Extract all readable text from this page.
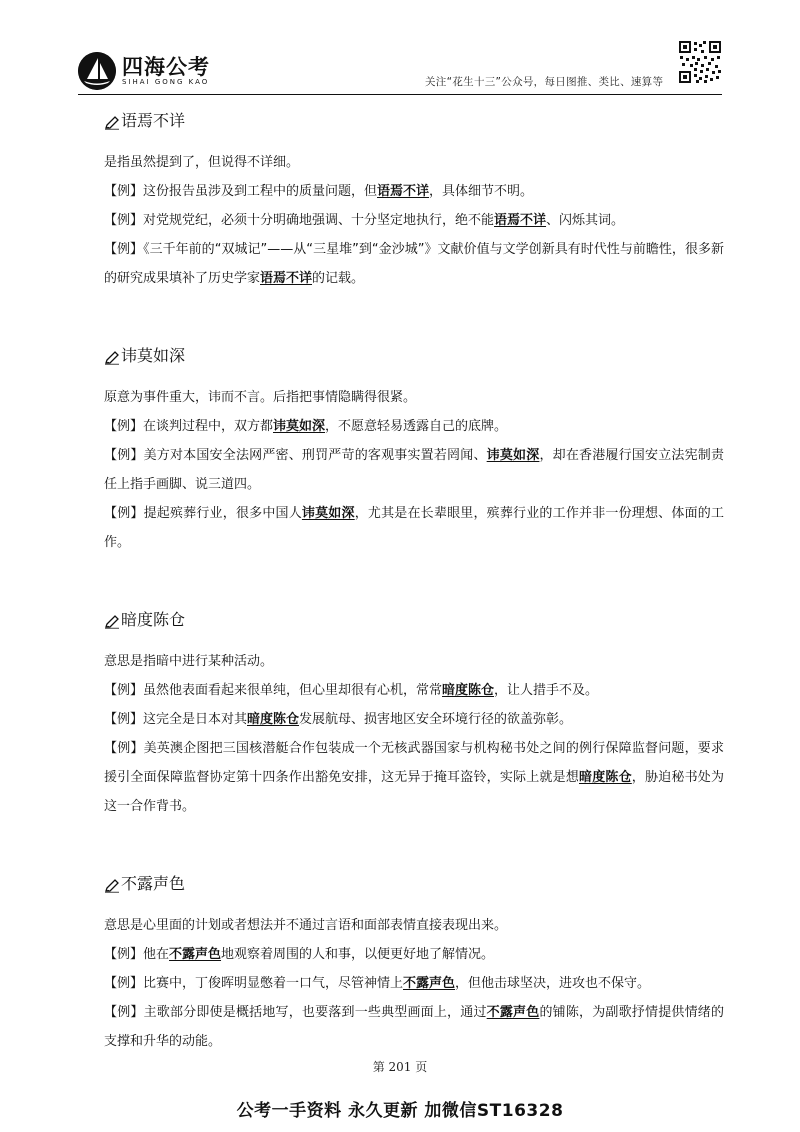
四海公考
SIHAI GONG KAO	关注“花生十三”公众号，每日图推、类比、速算等
语焉不详

是指虽然提到了，但说得不详细。

【例】这份报告虽涉及到工程中的质量问题，但语焉不详，具体细节不明。

【例】对党规党纪，必须十分明确地强调、十分坚定地执行，绝不能语焉不详、闪烁其词。

【例】《三千年前的“双城记”——从“三星堆”到“金沙城”》文献价值与文学创新具有时代性与前瞻性，很多新的研究成果填补了历史学家语焉不详的记载。

讳莫如深

原意为事件重大，讳而不言。后指把事情隐瞒得很紧。

【例】在谈判过程中，双方都讳莫如深，不愿意轻易透露自己的底牌。

【例】美方对本国安全法网严密、刑罚严苛的客观事实置若罔闻、讳莫如深，却在香港履行国安立法宪制责任上指手画脚、说三道四。

【例】提起殡葬行业，很多中国人讳莫如深，尤其是在长辈眼里，殡葬行业的工作并非一份理想、体面的工作。

暗度陈仓

意思是指暗中进行某种活动。

【例】虽然他表面看起来很单纯，但心里却很有心机，常常暗度陈仓，让人措手不及。

【例】这完全是日本对其暗度陈仓发展航母、损害地区安全环境行径的欲盖弥彰。

【例】美英澳企图把三国核潜艇合作包装成一个无核武器国家与机构秘书处之间的例行保障监督问题，要求援引全面保障监督协定第十四条作出豁免安排，这无异于掩耳盗铃，实际上就是想暗度陈仓，胁迫秘书处为这一合作背书。

不露声色

意思是心里面的计划或者想法并不通过言语和面部表情直接表现出来。

【例】他在不露声色地观察着周围的人和事，以便更好地了解情况。

【例】比赛中，丁俊晖明显憋着一口气，尽管神情上不露声色，但他击球坚决，进攻也不保守。

【例】主歌部分即使是概括地写，也要落到一些典型画面上，通过不露声色的铺陈，为副歌抒情提供情绪的支撑和升华的动能。

第 201 页
公考一手资料 永久更新 加微信ST16328
